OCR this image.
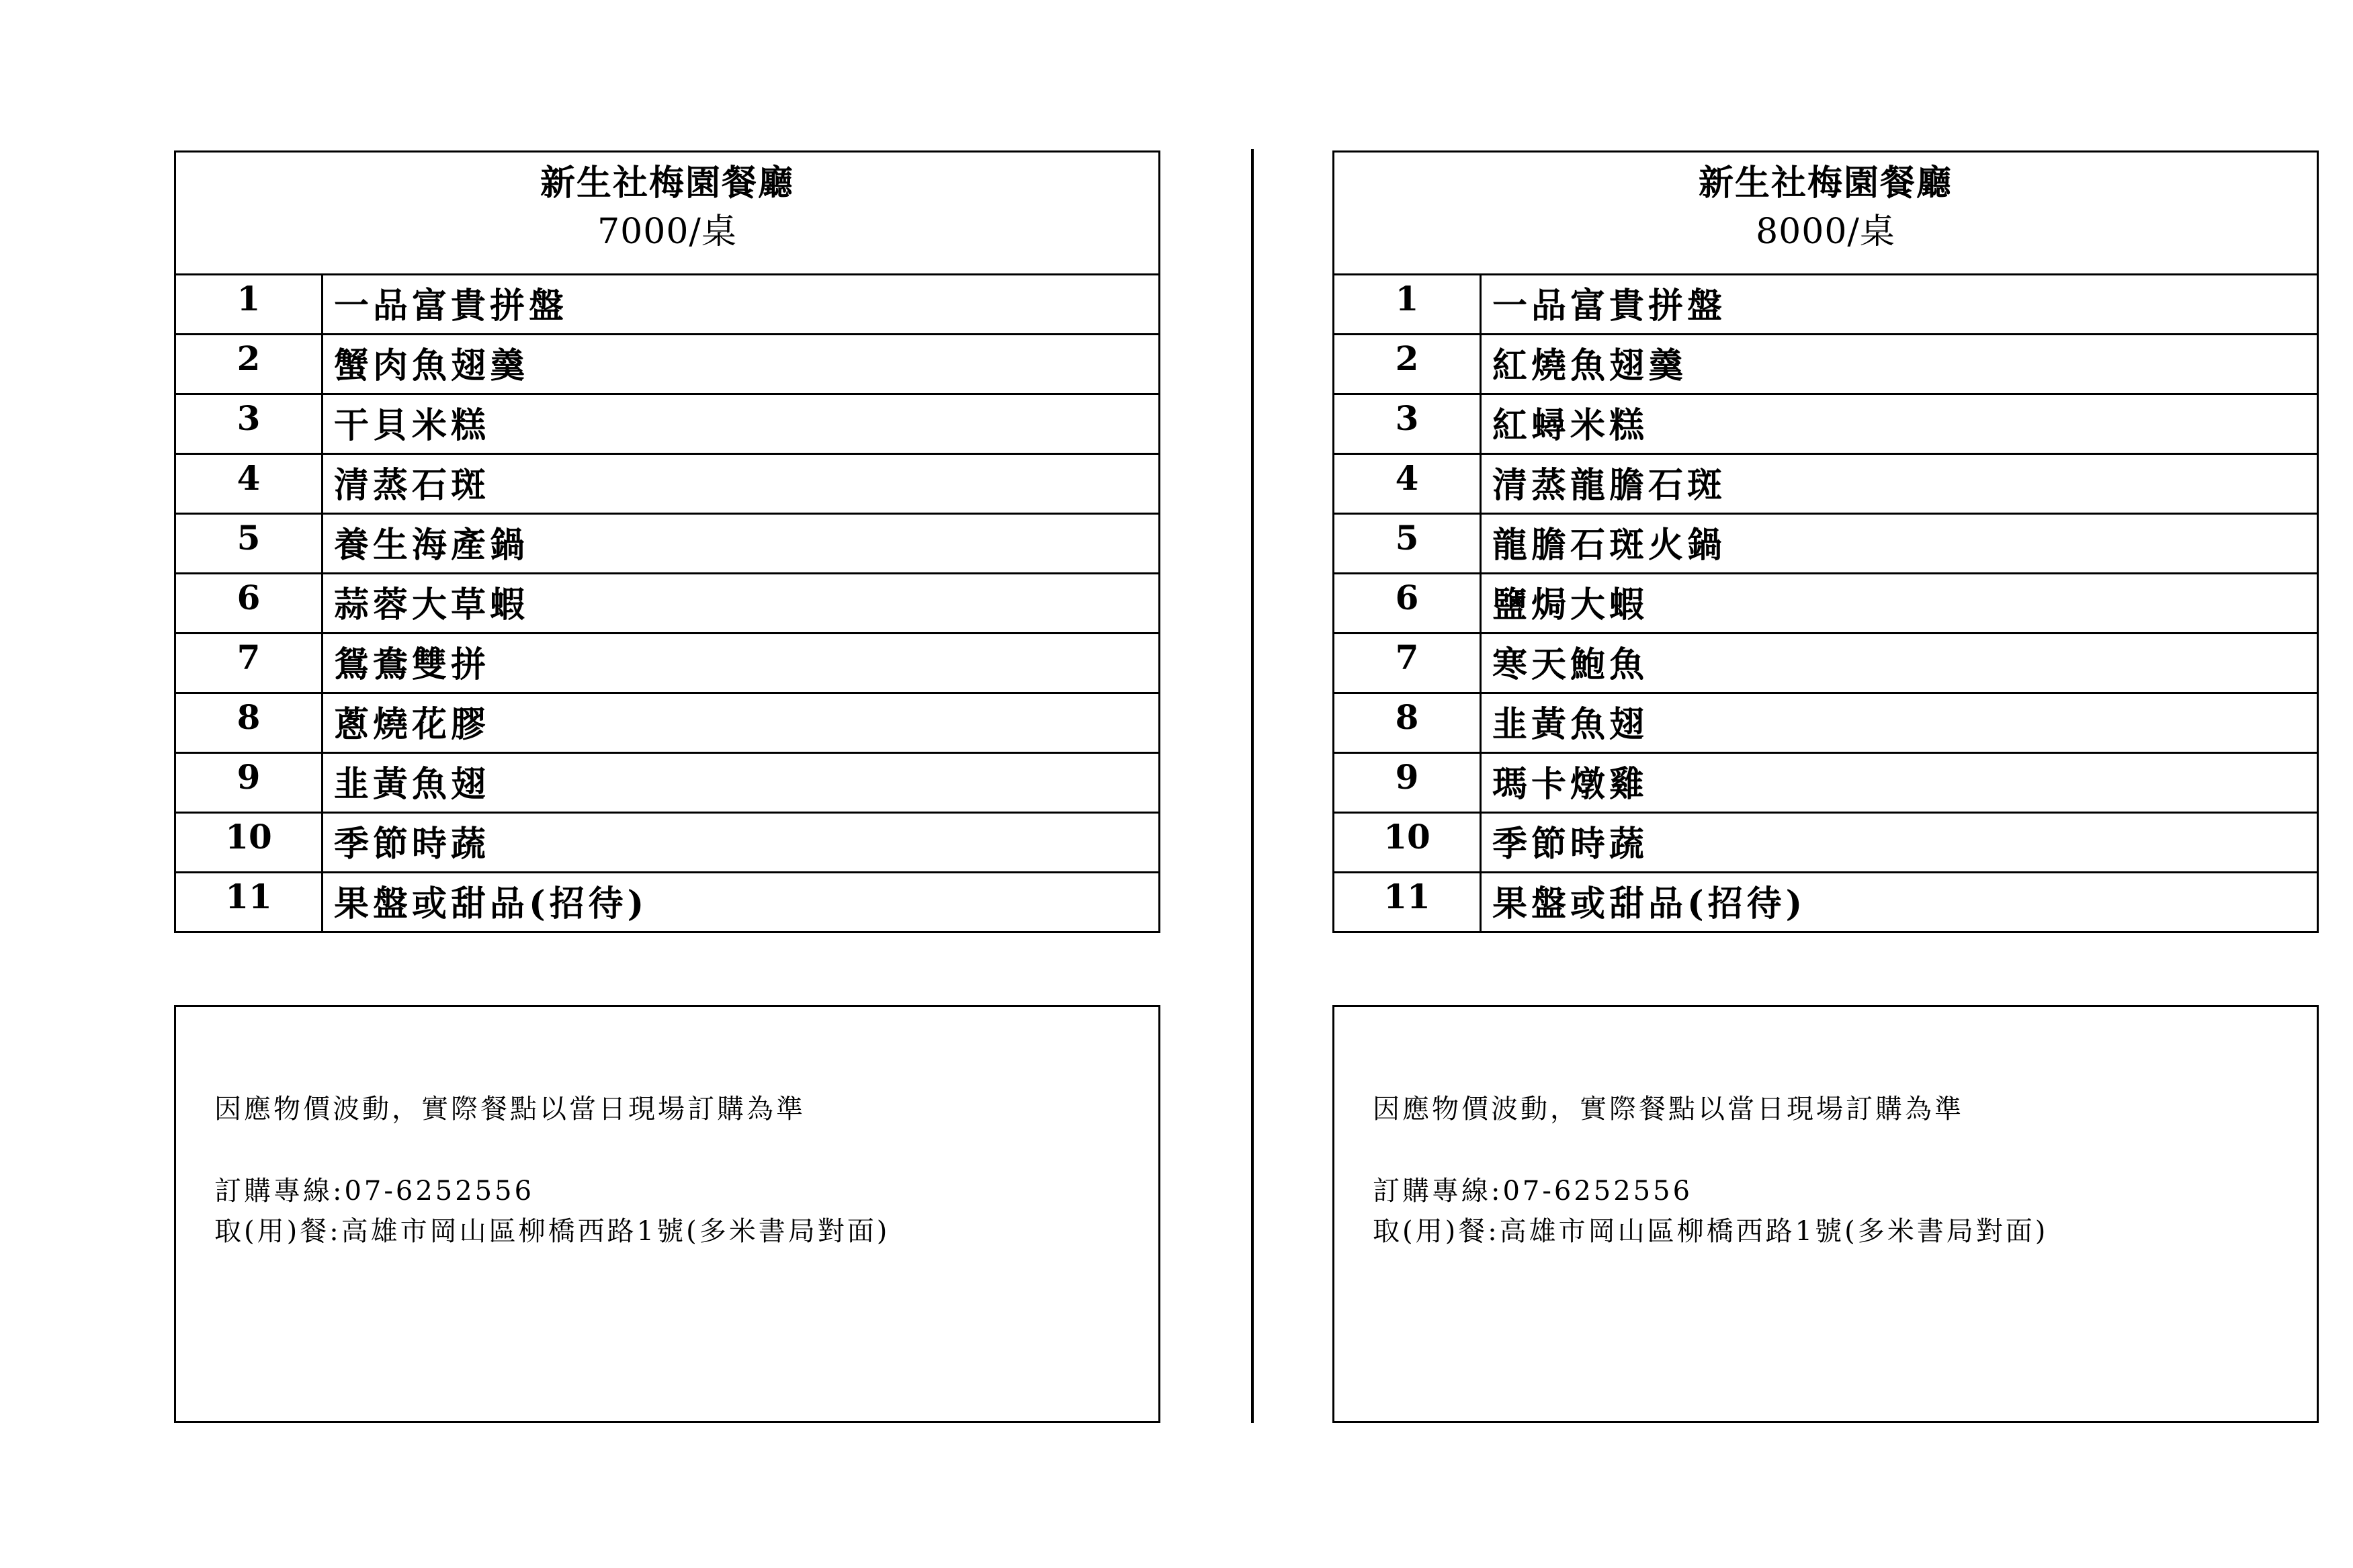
新生社梅園餐廳
7000/桌
1	一品富貴拼盤
2	蟹肉魚翅羹
3	干貝米糕
4	清蒸石斑
5	養生海產鍋
6	蒜蓉大草蝦
7	鴛鴦雙拼
8	蔥燒花膠
9	韭黃魚翅
10	季節時蔬
11	果盤或甜品(招待)
新生社梅園餐廳
8000/桌
1	一品富貴拼盤
2	紅燒魚翅羹
3	紅蟳米糕
4	清蒸龍膽石斑
5	龍膽石斑火鍋
6	鹽焗大蝦
7	寒天鮑魚
8	韭黃魚翅
9	瑪卡燉雞
10	季節時蔬
11	果盤或甜品(招待)
因應物價波動，實際餐點以當日現場訂購為準
訂購專線:07-6252556
取(用)餐:高雄市岡山區柳橋西路1號(多米書局對面)
因應物價波動，實際餐點以當日現場訂購為準
訂購專線:07-6252556
取(用)餐:高雄市岡山區柳橋西路1號(多米書局對面)
